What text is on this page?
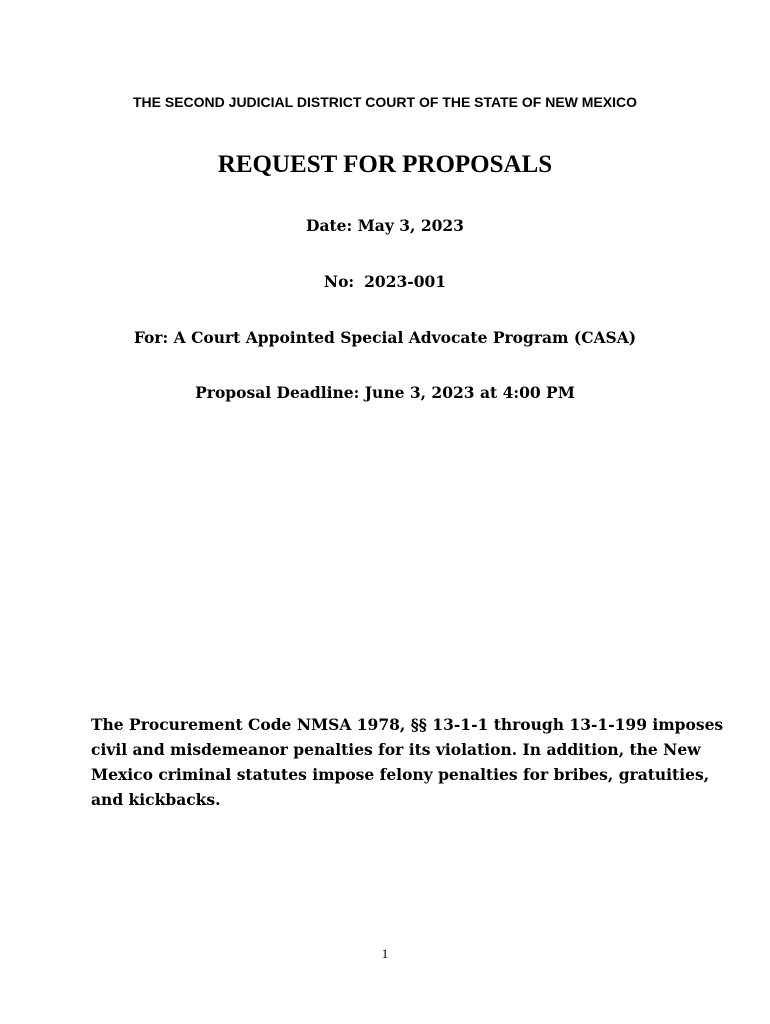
THE SECOND JUDICIAL DISTRICT COURT OF THE STATE OF NEW MEXICO
REQUEST FOR PROPOSALS
Date: May 3, 2023
No: 2023-001
For: A Court Appointed Special Advocate Program (CASA)
Proposal Deadline: June 3, 2023 at 4:00 PM
The Procurement Code NMSA 1978, §§ 13-1-1 through 13-1-199 imposes
civil and misdemeanor penalties for its violation. In addition, the New
Mexico criminal statutes impose felony penalties for bribes, gratuities,
and kickbacks.
1
